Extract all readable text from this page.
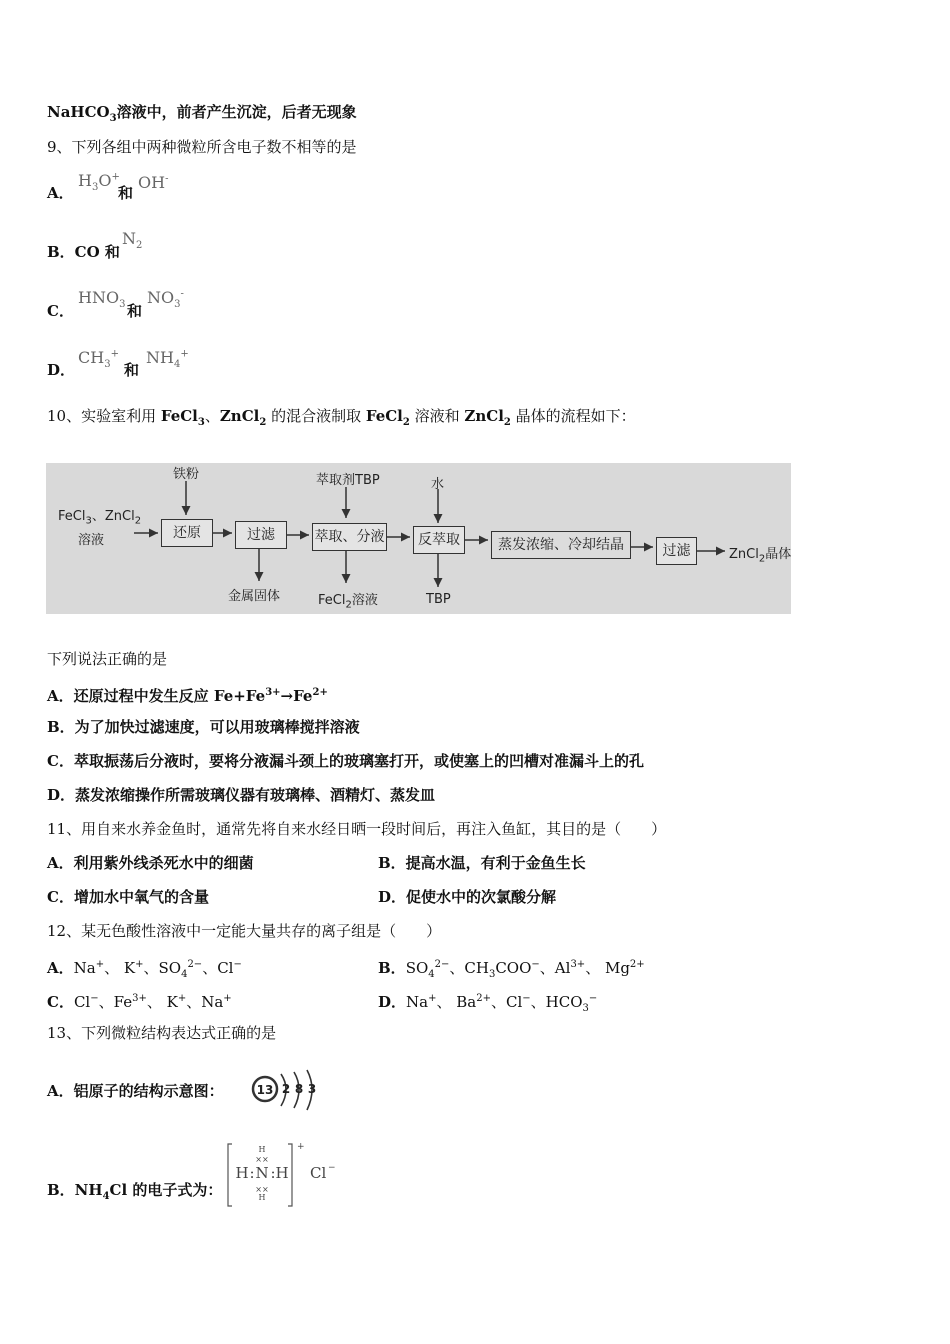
NaHCO$_3$溶液中，前者产生沉淀，后者无现象
9、下列各组中两种微粒所含电子数不相等的是
A．
$H_3O^+$
和
OH-
B．CO 和
$N_2$
C．
$HNO_3$ 和
$NO_3^-$
D．
$CH_3^+$
和
$NH_4^+$
10、实验室利用 FeCl$_3$、ZnCl$_2$ 的混合液制取 FeCl$_2$ 溶液和 ZnCl$_2$ 晶体的流程如下：
FeCl$_3$、ZnCl$_2$
溶液
铁粉	萃取剂TBP	水
还原	过滤	萃取、分液	反萃取	蒸发浓缩、冷却结晶	过滤
金属固体	FeCl$_2$溶液	TBP
ZnCl$_2$晶体
下列说法正确的是
A．还原过程中发生反应 $Fe+Fe^{3+}\to Fe^{2+}$
B．为了加快过滤速度，可以用玻璃棒搅拌溶液
C．萃取振荡后分液时，要将分液漏斗颈上的玻璃塞打开，或使塞上的凹槽对准漏斗上的孔
D．蒸发浓缩操作所需玻璃仪器有玻璃棒、酒精灯、蒸发皿
11、用自来水养金鱼时，通常先将自来水经日晒一段时间后，再注入鱼缸，其目的是（　　）
A．利用紫外线杀死水中的细菌	B．提高水温，有利于金鱼生长
C．增加水中氧气的含量	D．促使水中的次氯酸分解
12、某无色酸性溶液中一定能大量共存的离子组是（　　）
A．Na+、 K+、$SO_4^{2-}$、Cl−	B．$SO_4^{2-}$、$CH_3COO^-$、$Al^{3+}$、 $Mg^{2+}$
C．Cl−、$Fe^{3+}$、 K+、Na+	D．Na+、 $Ba^{2+}$、Cl−、$HCO_3^-$
13、下列微粒结构表达式正确的是
A．铝原子的结构示意图：	13 2 8 3
B．$NH_4Cl$ 的电子式为：
H
××
H : N : H
××
H
+
Cl −
